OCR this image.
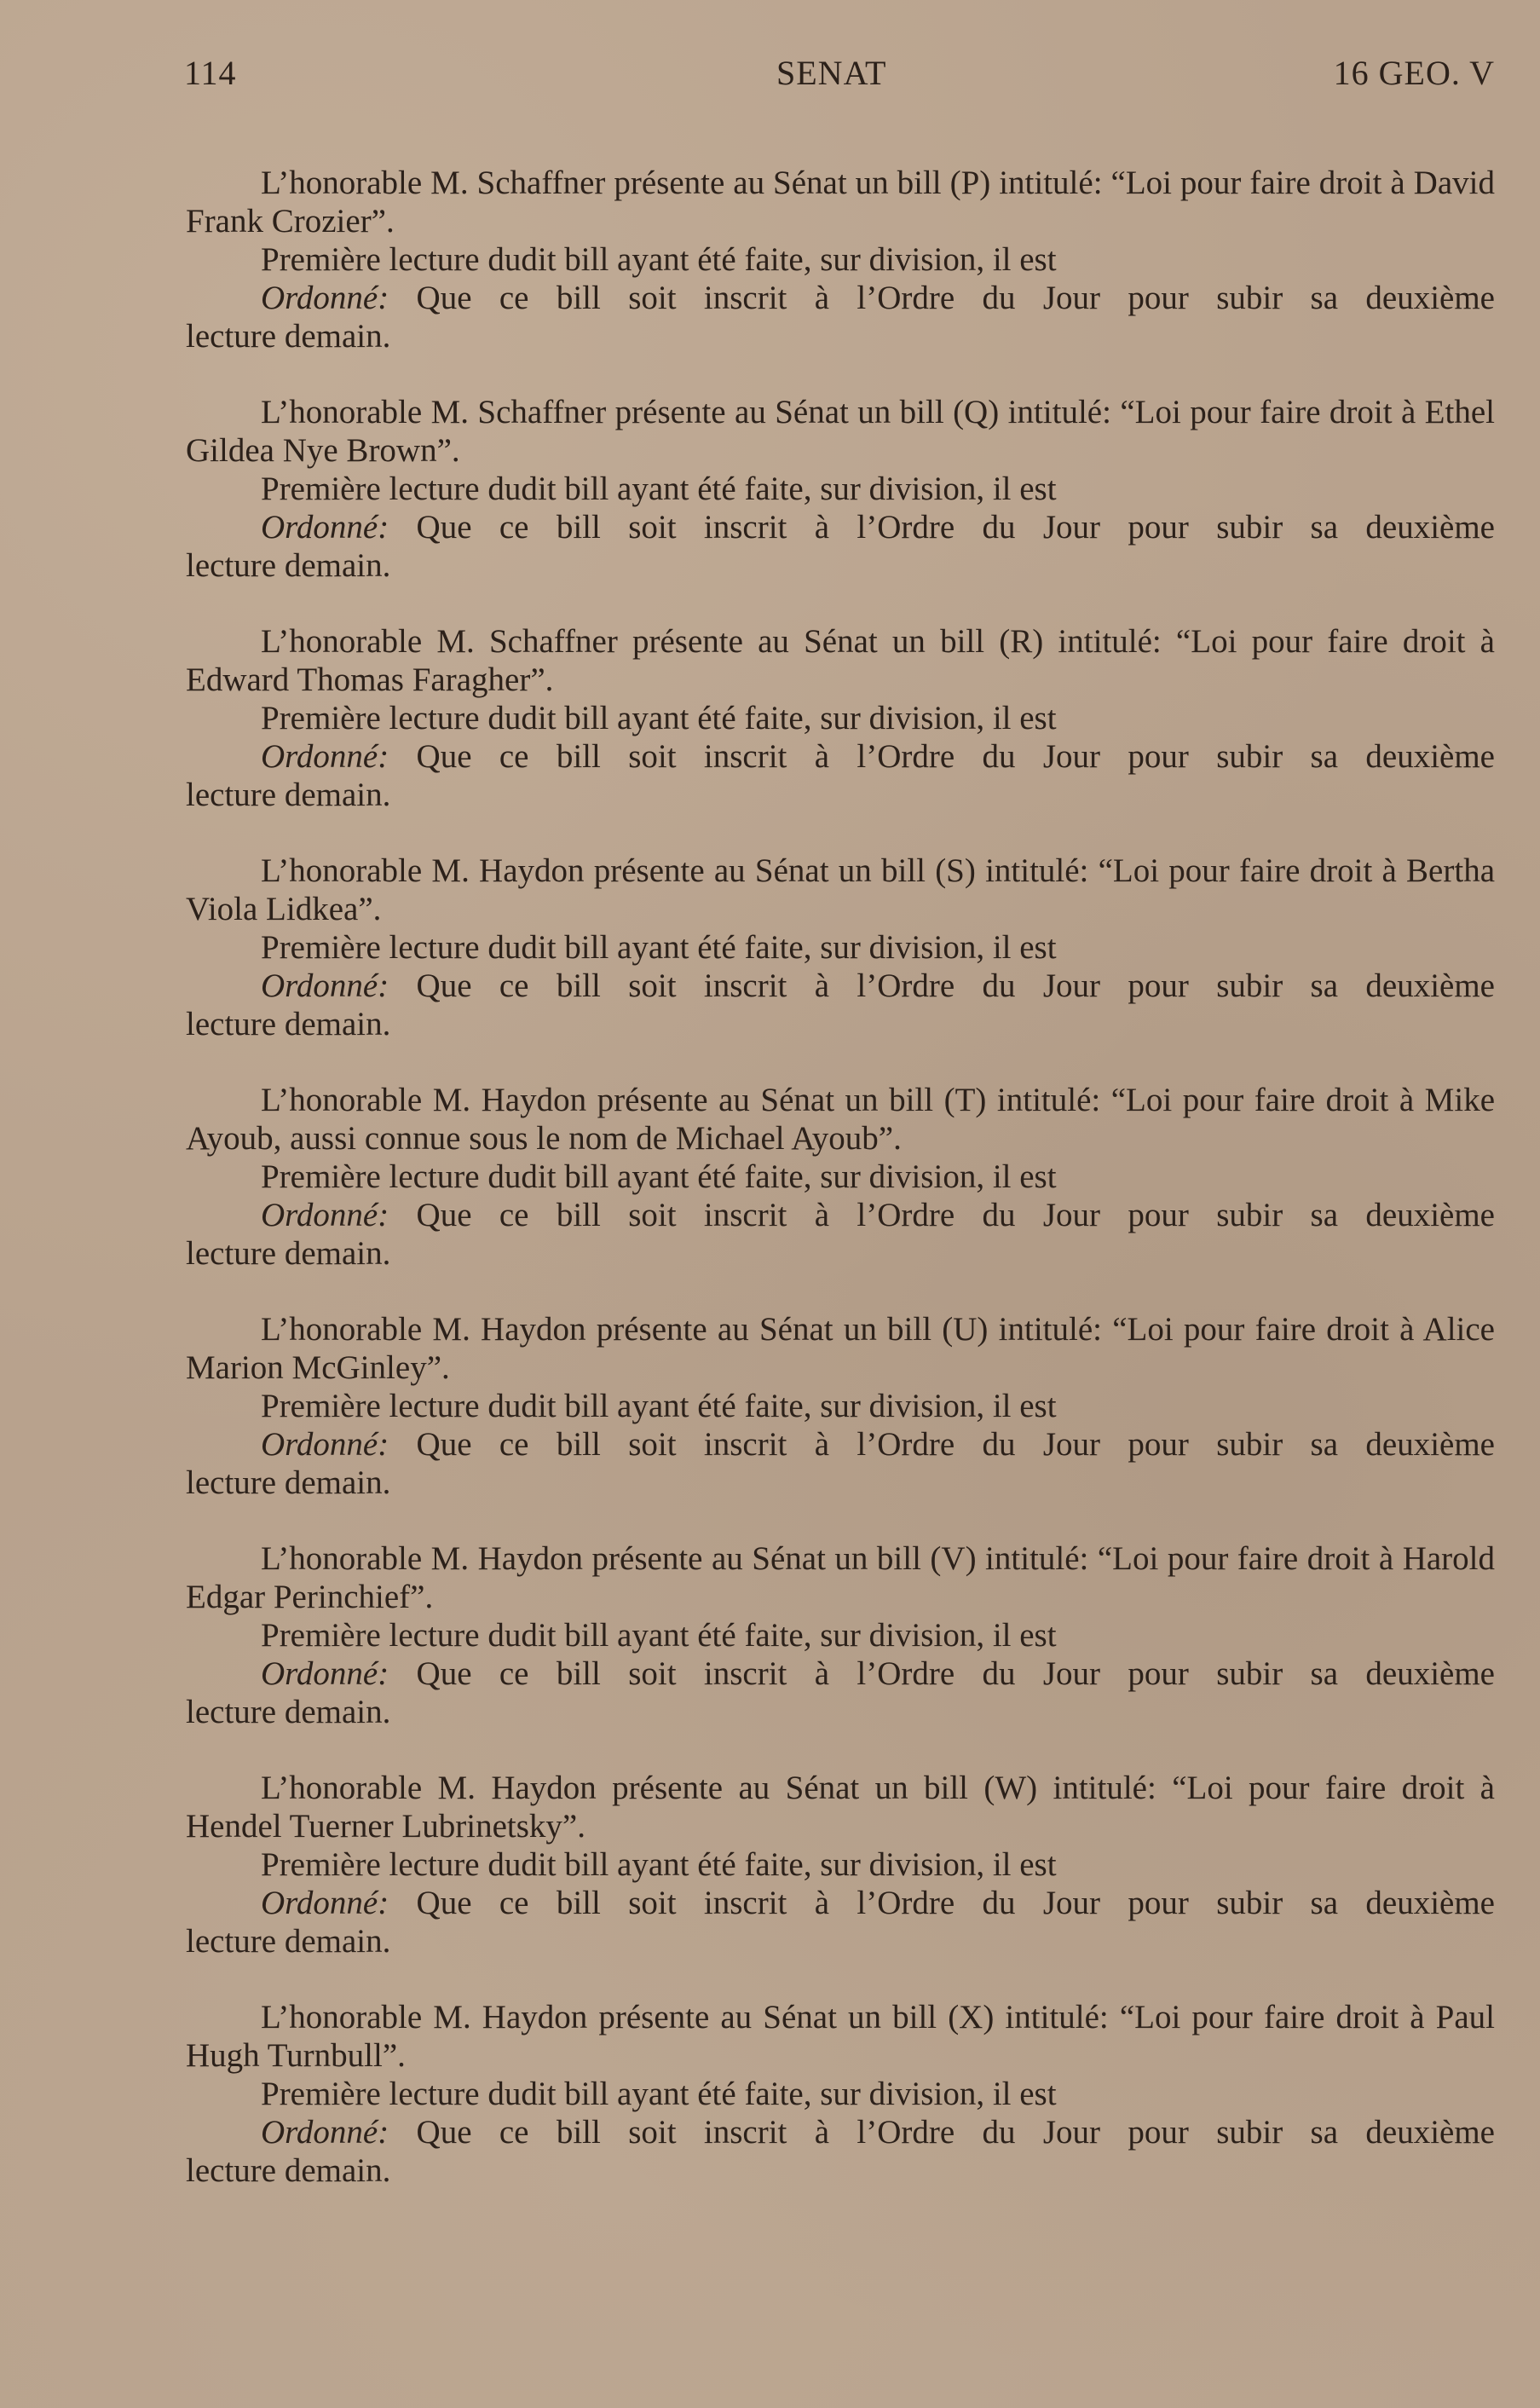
114	SENAT	16 GEO. V

L’honorable M. Schaffner présente au Sénat un bill (P) intitulé: “Loi pour faire droit à David Frank Crozier”.

Première lecture dudit bill ayant été faite, sur division, il est

Ordonné: Que ce bill soit inscrit à l’Ordre du Jour pour subir sa deuxième

lecture demain.

L’honorable M. Schaffner présente au Sénat un bill (Q) intitulé: “Loi pour faire droit à Ethel Gildea Nye Brown”.

Première lecture dudit bill ayant été faite, sur division, il est

Ordonné: Que ce bill soit inscrit à l’Ordre du Jour pour subir sa deuxième

lecture demain.

L’honorable M. Schaffner présente au Sénat un bill (R) intitulé: “Loi pour faire droit à Edward Thomas Faragher”.

Première lecture dudit bill ayant été faite, sur division, il est

Ordonné: Que ce bill soit inscrit à l’Ordre du Jour pour subir sa deuxième

lecture demain.

L’honorable M. Haydon présente au Sénat un bill (S) intitulé: “Loi pour faire droit à Bertha Viola Lidkea”.

Première lecture dudit bill ayant été faite, sur division, il est

Ordonné: Que ce bill soit inscrit à l’Ordre du Jour pour subir sa deuxième

lecture demain.

L’honorable M. Haydon présente au Sénat un bill (T) intitulé: “Loi pour faire droit à Mike Ayoub, aussi connue sous le nom de Michael Ayoub”.

Première lecture dudit bill ayant été faite, sur division, il est

Ordonné: Que ce bill soit inscrit à l’Ordre du Jour pour subir sa deuxième

lecture demain.

L’honorable M. Haydon présente au Sénat un bill (U) intitulé: “Loi pour faire droit à Alice Marion McGinley”.

Première lecture dudit bill ayant été faite, sur division, il est

Ordonné: Que ce bill soit inscrit à l’Ordre du Jour pour subir sa deuxième

lecture demain.

L’honorable M. Haydon présente au Sénat un bill (V) intitulé: “Loi pour faire droit à Harold Edgar Perinchief”.

Première lecture dudit bill ayant été faite, sur division, il est

Ordonné: Que ce bill soit inscrit à l’Ordre du Jour pour subir sa deuxième

lecture demain.

L’honorable M. Haydon présente au Sénat un bill (W) intitulé: “Loi pour faire droit à Hendel Tuerner Lubrinetsky”.

Première lecture dudit bill ayant été faite, sur division, il est

Ordonné: Que ce bill soit inscrit à l’Ordre du Jour pour subir sa deuxième

lecture demain.

L’honorable M. Haydon présente au Sénat un bill (X) intitulé: “Loi pour faire droit à Paul Hugh Turnbull”.

Première lecture dudit bill ayant été faite, sur division, il est

Ordonné: Que ce bill soit inscrit à l’Ordre du Jour pour subir sa deuxième

lecture demain.
